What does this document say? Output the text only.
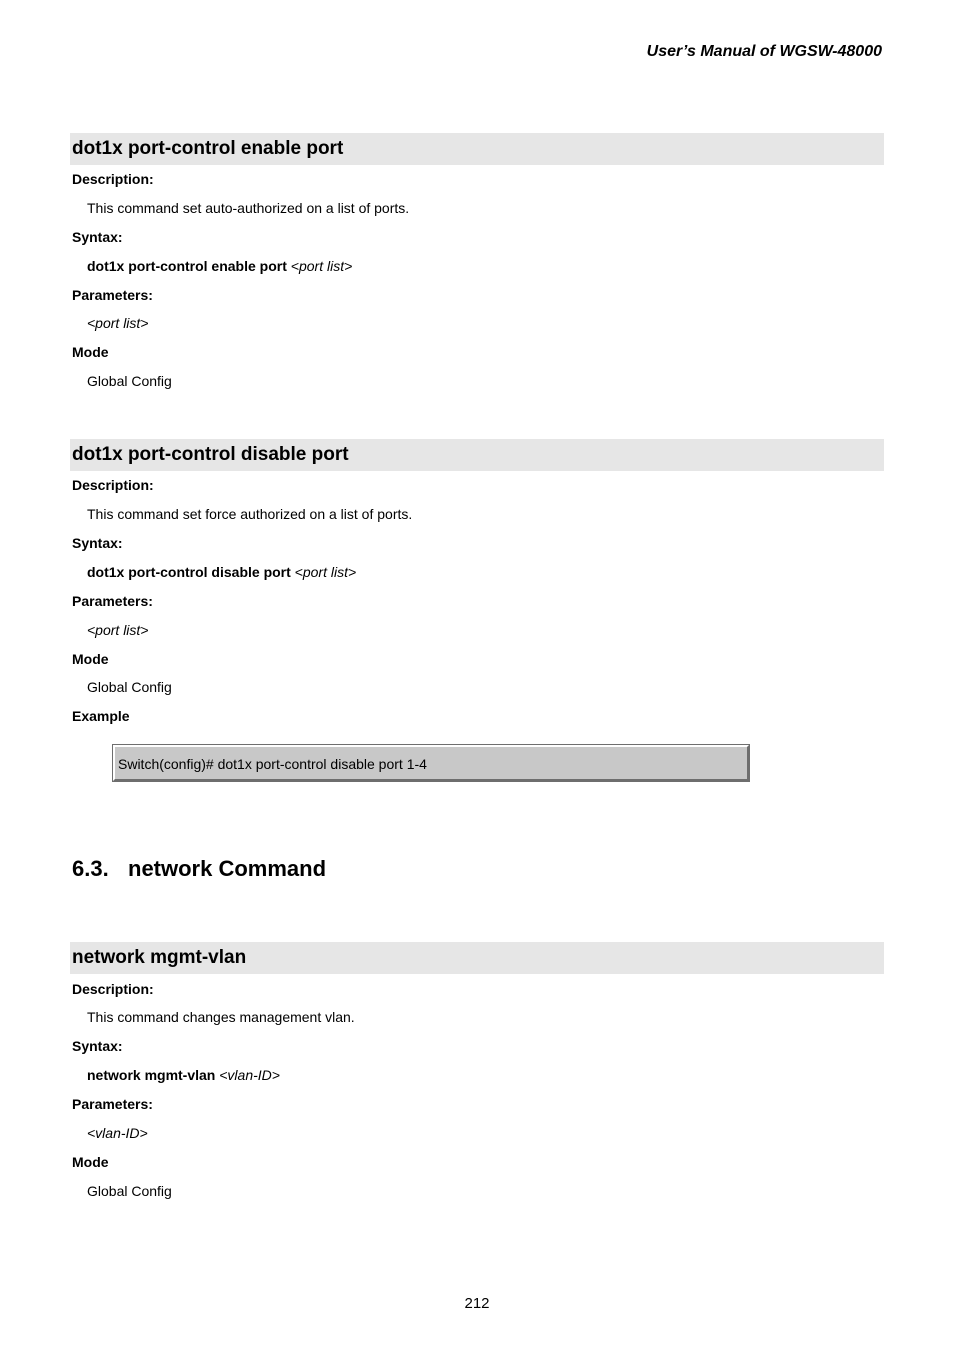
User’s Manual of WGSW-48000
dot1x port-control enable port
Description:
This command set auto-authorized on a list of ports.
Syntax:
dot1x port-control enable port <port list>
Parameters:
<port list>
Mode
Global Config
dot1x port-control disable port
Description:
This command set force authorized on a list of ports.
Syntax:
dot1x port-control disable port <port list>
Parameters:
<port list>
Mode
Global Config
Example
Switch(config)# dot1x port-control disable port 1-4
6.3. network Command
network mgmt-vlan
Description:
This command changes management vlan.
Syntax:
network mgmt-vlan <vlan-ID>
Parameters:
<vlan-ID>
Mode
Global Config
212
